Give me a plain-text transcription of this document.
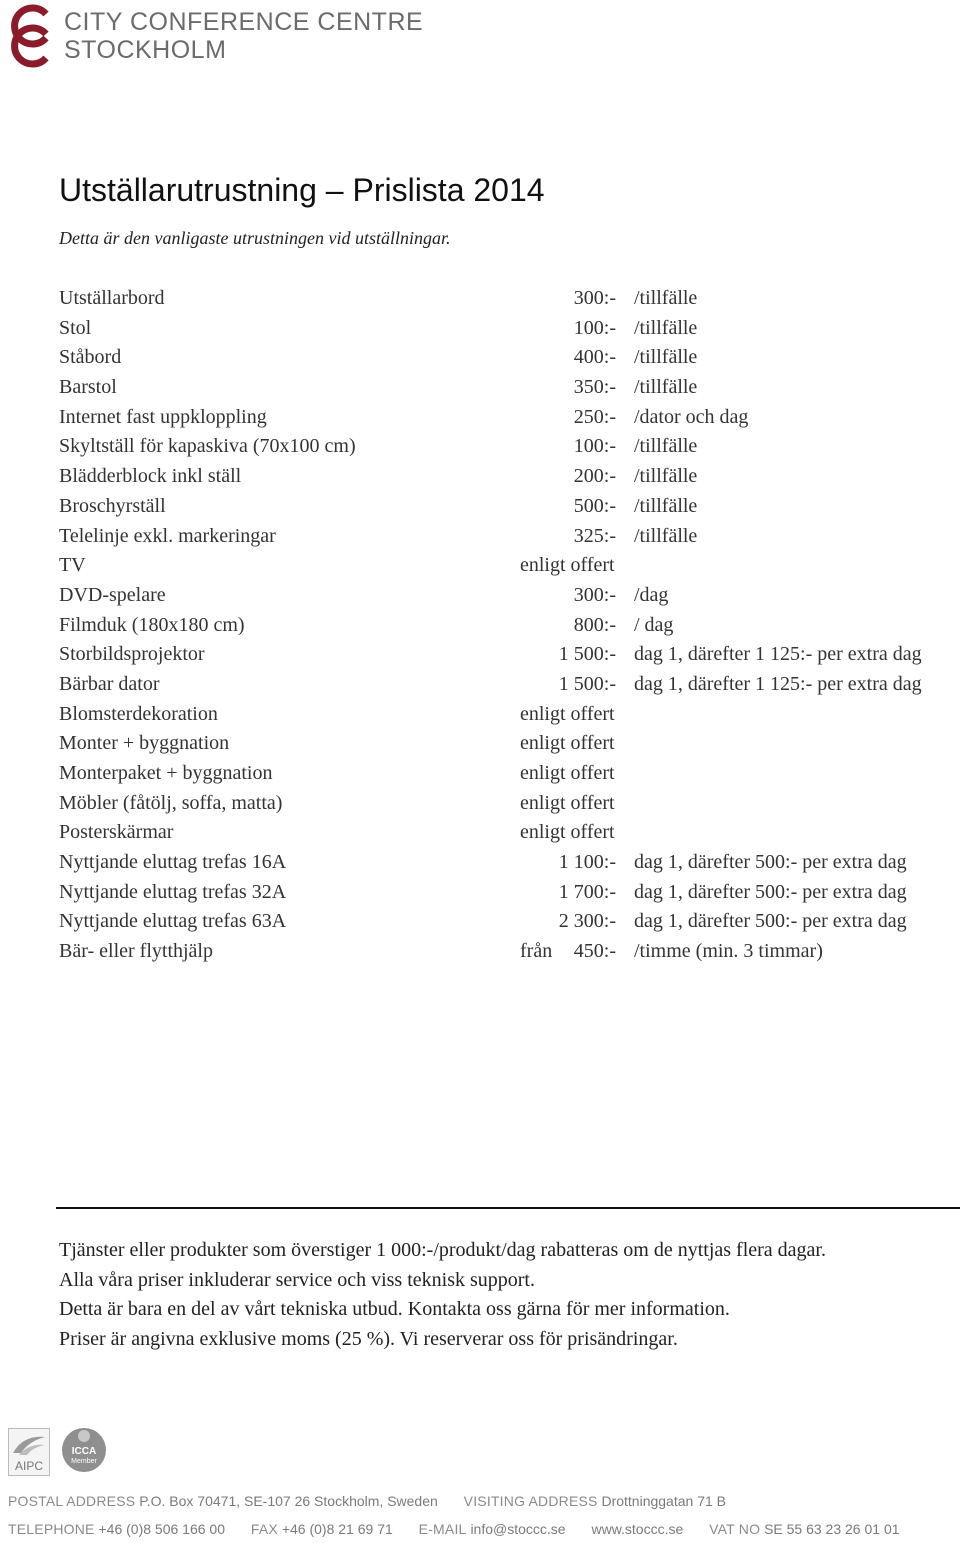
CITY CONFERENCE CENTRE
STOCKHOLM
Utställarutrustning – Prislista 2014
Detta är den vanligaste utrustningen vid utställningar.
Utställarbord	300:- /tillfälle
Stol	100:- /tillfälle
Ståbord	400:- /tillfälle
Barstol	350:- /tillfälle
Internet fast uppkloppling	250:- /dator och dag
Skyltställ för kapaskiva (70x100 cm)	100:- /tillfälle
Blädderblock inkl ställ	200:- /tillfälle
Broschyrställ	500:- /tillfälle
Telelinje exkl. markeringar	325:- /tillfälle
TV	enligt offert
DVD-spelare	300:- /dag
Filmduk (180x180 cm)	800:- / dag
Storbildsprojektor	1 500:- dag 1, därefter 1 125:- per extra dag
Bärbar dator	1 500:- dag 1, därefter 1 125:- per extra dag
Blomsterdekoration	enligt offert
Monter + byggnation	enligt offert
Monterpaket + byggnation	enligt offert
Möbler (fåtölj, soffa, matta)	enligt offert
Posterskärmar	enligt offert
Nyttjande eluttag trefas 16A	1 100:- dag 1, därefter 500:- per extra dag
Nyttjande eluttag trefas 32A	1 700:- dag 1, därefter 500:- per extra dag
Nyttjande eluttag trefas 63A	2 300:- dag 1, därefter 500:- per extra dag
Bär- eller flytthjälp	från 450:- /timme (min. 3 timmar)
Tjänster eller produkter som överstiger 1 000:-/produkt/dag rabatteras om de nyttjas flera dagar.
Alla våra priser inkluderar service och viss teknisk support.
Detta är bara en del av vårt tekniska utbud. Kontakta oss gärna för mer information.
Priser är angivna exklusive moms (25 %). Vi reserverar oss för prisändringar.
AIPC
ICCA
Member
POSTAL ADDRESS P.O. Box 70471, SE-107 26 Stockholm, Sweden VISITING ADDRESS Drottninggatan 71 B
TELEPHONE +46 (0)8 506 166 00 FAX +46 (0)8 21 69 71 E-MAIL info@stoccc.se www.stoccc.se VAT NO SE 55 63 23 26 01 01
